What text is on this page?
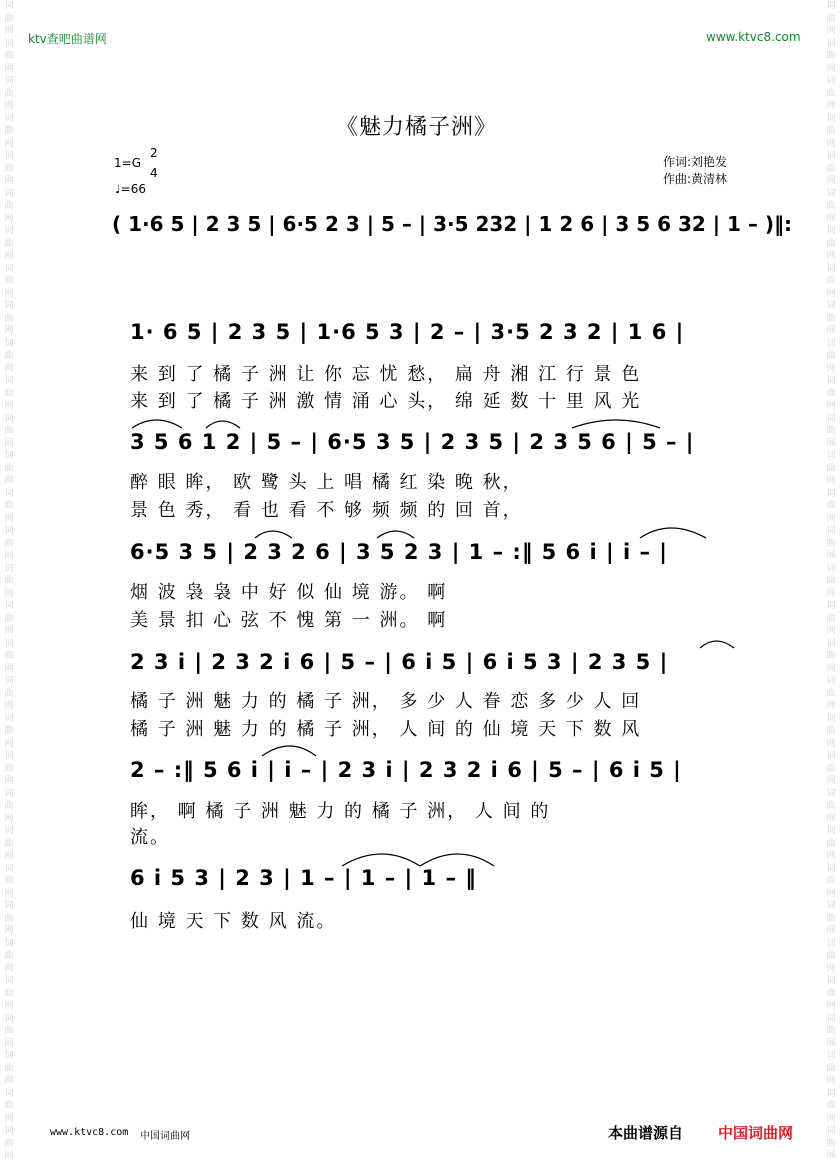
词
曲
网
词
曲
网
词
曲
网
词
曲
网
词
曲
网
词
曲
网
词
曲
网
词
曲
网
词
曲
网
词
曲
网
词
曲
网
词
曲
网
词
曲
网
词
曲
网
词
曲
网
词
曲
网
词
曲
网
词
曲
网
词
曲
网
词
曲
网
词
曲
网
词
曲
网
词
曲
网
词
曲
网
词
曲
网
词
曲
网
词
曲
网
词
曲
网
词
曲
网
词
曲
网
词
曲
网
词
曲
网
词
曲
网
词
曲
网
词
曲
网
词
曲
网
词
曲
网
词
曲
网
词
曲
网
词
曲
网
词
曲
网
词
曲
网
词
曲
网
词
曲
网
词
曲
网
词
曲
网
词
曲
网
词
曲
网
词
曲
网
词
曲
网
词
曲
网
词
曲
网
词
曲
网
词
曲
网
词
曲
网
词
曲
网
词
曲
网
词
曲
网
词
曲
网
词
曲
网
词
曲
网
词
曲
网
ktv查吧曲谱网	www.ktvc8.com
《魅力橘子洲》
1=G
2
4
♩=66
作词:刘艳发
作曲:黄清林
( 1·6 5 | 2 3 5 | 6·5 2 3 | 5 – | 3·5 232 | 1 2 6 | 3 5 6 32 | 1 – )‖:
1· 6 5 | 2 3 5 | 1·6 5 3 | 2 – | 3·5 2 3 2 | 1 6 |
来 到 了 橘 子 洲 让 你 忘 忧 愁， 扁 舟 湘 江 行 景 色
来 到 了 橘 子 洲 激 情 涌 心 头， 绵 延 数 十 里 风 光
3 5 6 1 2 | 5 – | 6·5 3 5 | 2 3 5 | 2 3 5 6 | 5 – |
醉 眼 眸， 欧 鹭 头 上 唱 橘 红 染 晚 秋，
景 色 秀， 看 也 看 不 够 频 频 的 回 首，
6·5 3 5 | 2 3 2 6 | 3 5 2 3 | 1 – :‖ 5 6 i | i – |
烟 波 袅 袅 中 好 似 仙 境 游。 啊
美 景 扣 心 弦 不 愧 第 一 洲。 啊
2 3 i | 2 3 2 i 6 | 5 – | 6 i 5 | 6 i 5 3 | 2 3 5 |
橘 子 洲 魅 力 的 橘 子 洲， 多 少 人 眷 恋 多 少 人 回
橘 子 洲 魅 力 的 橘 子 洲， 人 间 的 仙 境 天 下 数 风
2 – :‖ 5 6 i | i – | 2 3 i | 2 3 2 i 6 | 5 – | 6 i 5 |
眸， 啊 橘 子 洲 魅 力 的 橘 子 洲， 人 间 的
流。
6 i 5 3 | 2 3 | 1 – | 1 – | 1 – ‖
仙 境 天 下 数 风 流。
www.ktvc8.com 中国词曲网	本曲谱源自 中国词曲网
